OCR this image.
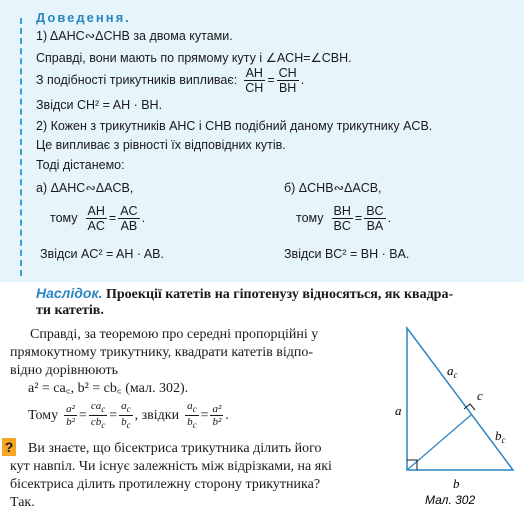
Доведення.
1) ΔAHC∾ΔCHB за двома кутами.
Справді, вони мають по прямому куту і ∠ACH=∠CBH.
З подібності трикутників випливає: $\frac{AH}{CH} = \frac{CH}{BH}$ .
Звідси CH² = AH · BH.
2) Кожен з трикутників AHC і CHB подібний даному трикутнику ACB.
Це випливає з рівності їх відповідних кутів.
Тоді дістанемо:
а) ΔAHC∾ΔACB,
тому $\frac{AH}{AC} = \frac{AC}{AB}$ .
Звідси AC² = AH · AB.
б) ΔCHB∾ΔACB,
тому $\frac{BH}{BC} = \frac{BC}{BA}$ .
Звідси BC² = BH · BA.
Наслідок. Проекції катетів на гіпотенузу відносяться, як квадра-
ти катетів.
Справді, за теоремою про середні пропорційні у
прямокутному трикутнику, квадрати катетів відпо-
відно дорівнюють
a² = ca꜀, b² = cb꜀ (мал. 302).
Тому $\frac{\text{a²}}{\text{b²}} = \frac{ca_c}{cb_c} = \frac{a_c}{b_c}$ , звідки $\frac{a_c}{b_c} = \frac{\text{a²}}{\text{b²}}$ .
? Ви знаєте, що бісектриса трикутника ділить його
кут навпіл. Чи існує залежність між відрізками, на які
бісектриса ділить протилежну сторону трикутника?
Так.
a
b
c
$a_c$
$b_c$
Мал. 302
